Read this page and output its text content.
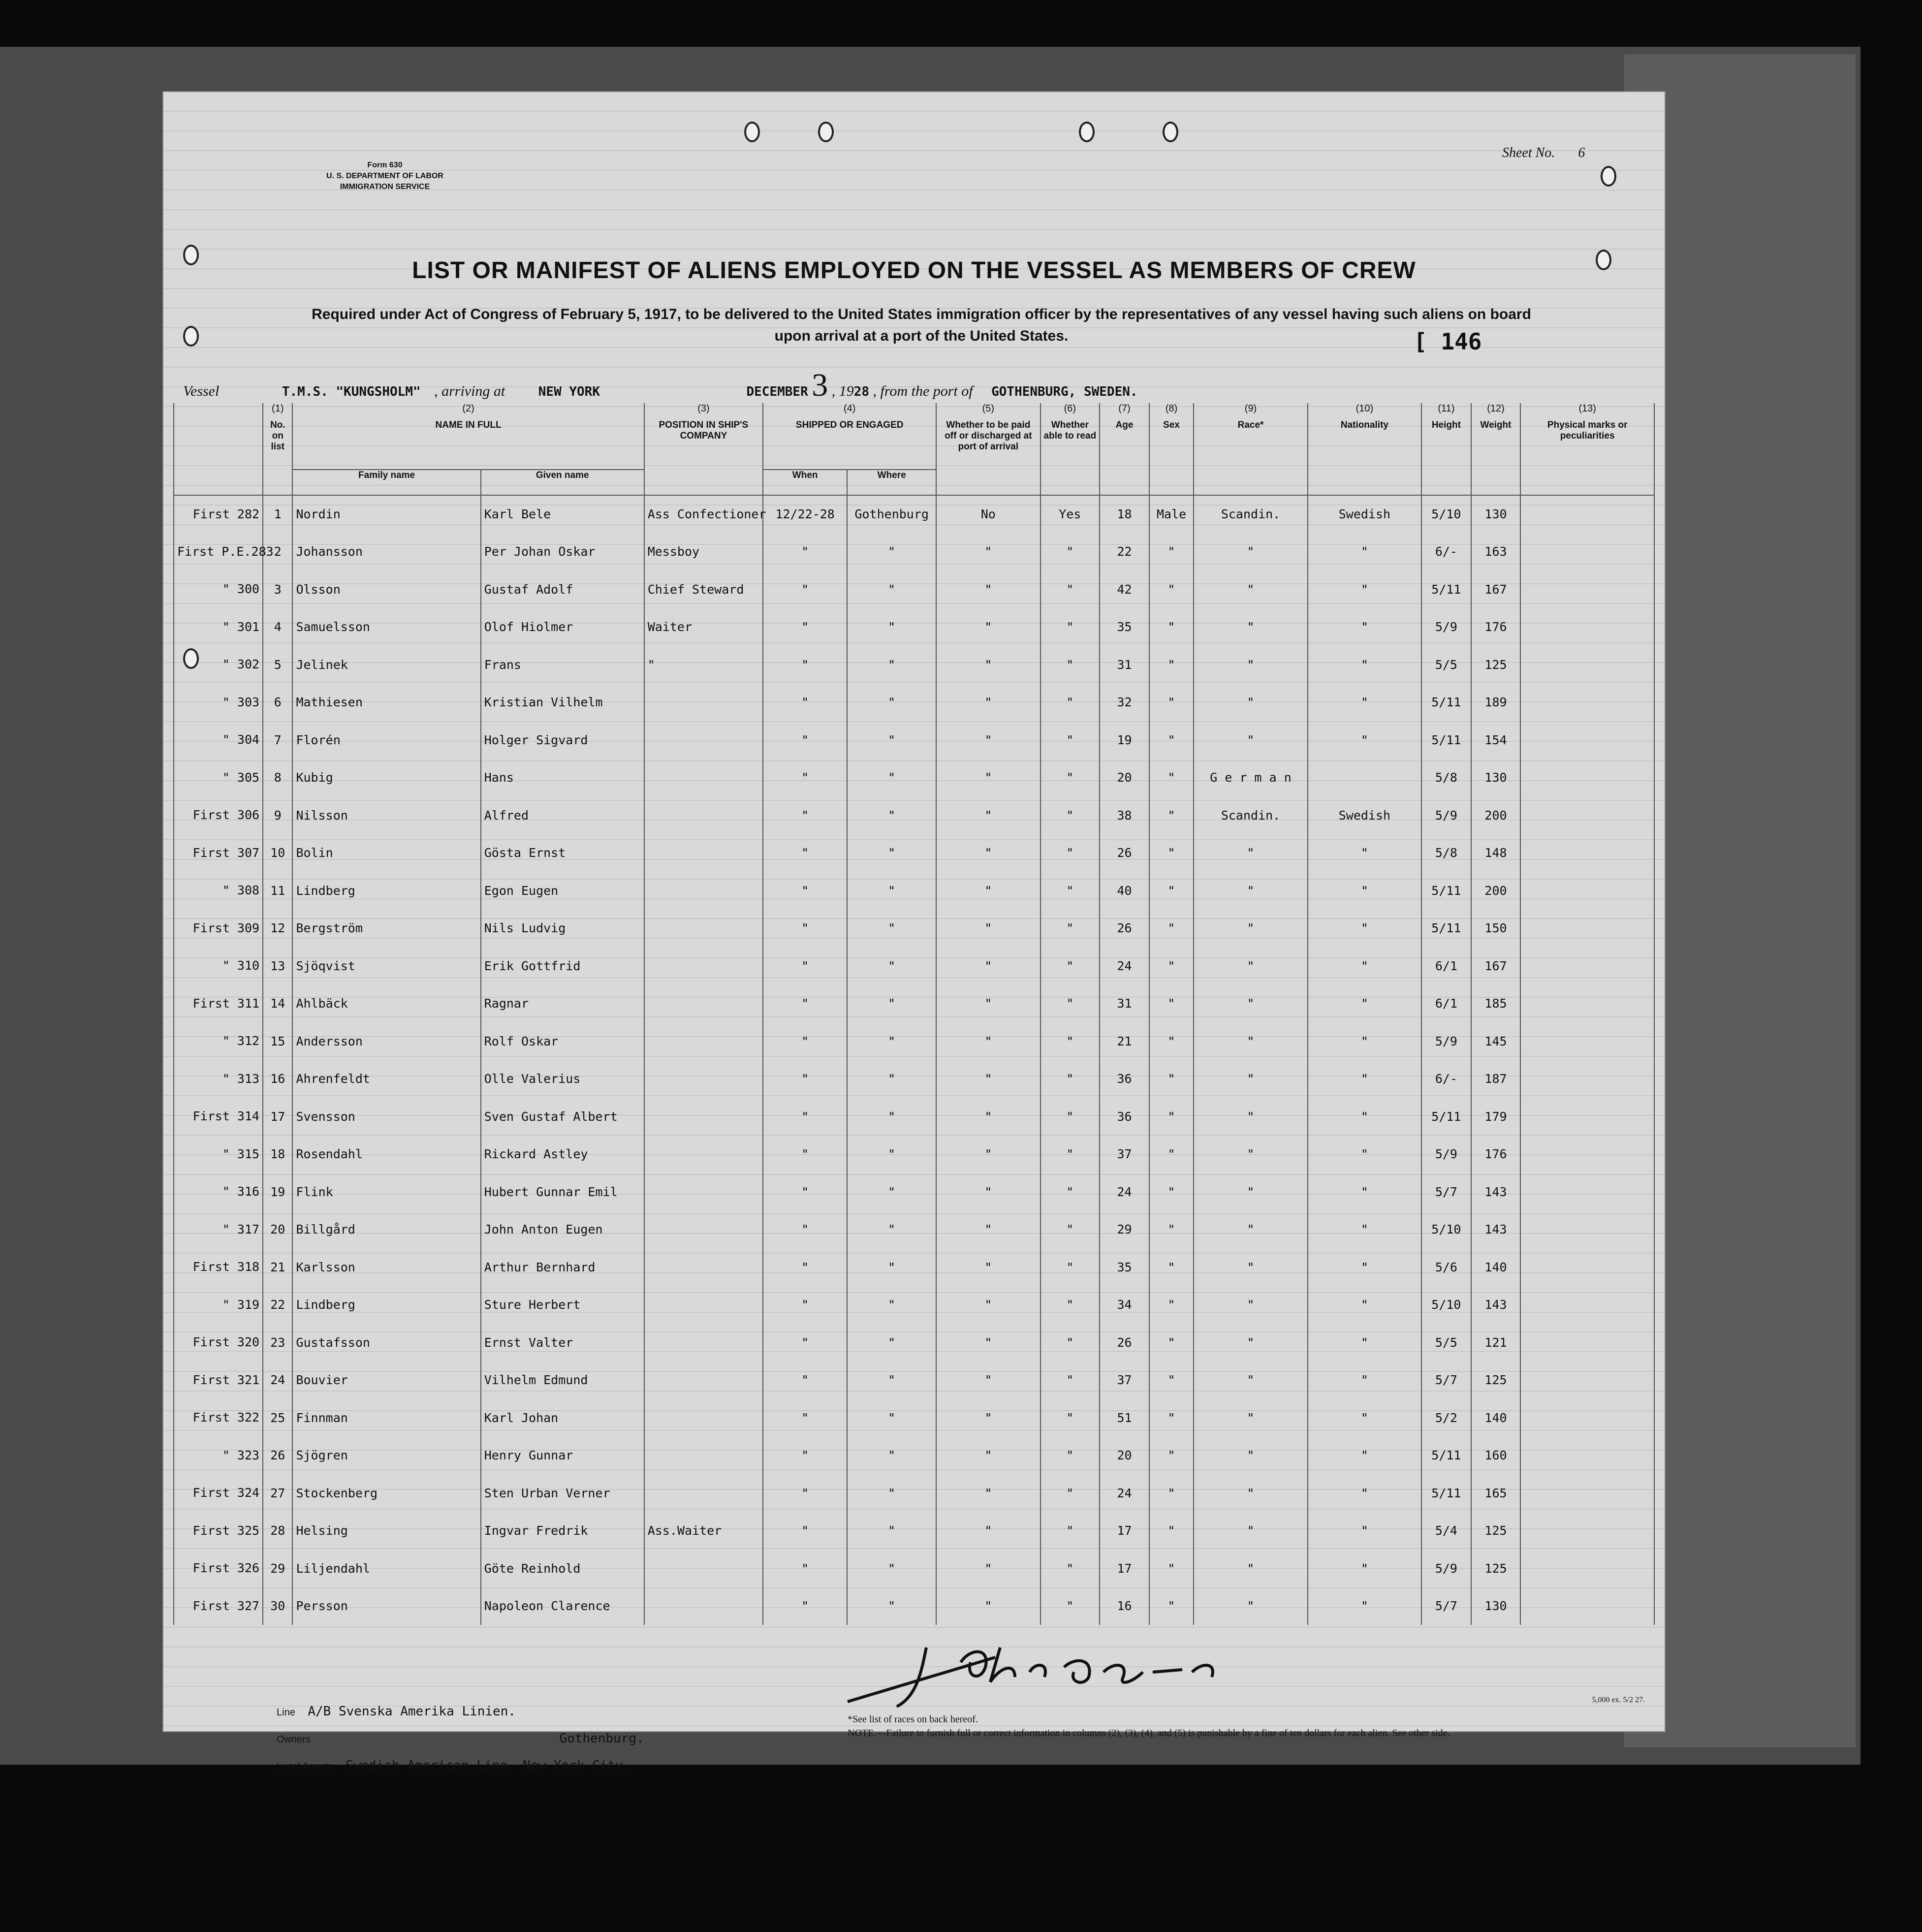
Form 630
U. S. DEPARTMENT OF LABOR
IMMIGRATION SERVICE
Sheet No. 6
LIST OR MANIFEST OF ALIENS EMPLOYED ON THE VESSEL AS MEMBERS OF CREW
Required under Act of Congress of February 5, 1917, to be delivered to the United States immigration officer by the representatives of any vessel having such aliens on board upon arrival at a port of the United States.	[ 146
Vessel	T.M.S. "KUNGSHOLM" , arriving at	NEW YORK	DECEMBER 3 , 1928 , from the port of GOTHENBURG, SWEDEN.
	(1)	(2)		(3)	(4)		(5)	(6)	(7)	(8)	(9)	(10)	(11)	(12)	(13)
	No. on list	NAME IN FULL		POSITION IN SHIP'S COMPANY	SHIPPED OR ENGAGED		Whether to be paid off or discharged at port of arrival	Whether able to read	Age	Sex	Race*	Nationality	Height	Weight	Physical marks or peculiarities
		Family name	Given name		When	Where									
First 282	1	Nordin	Karl Bele	Ass Confectioner	12/22-28	Gothenburg	No	Yes	18	Male	Scandin.	Swedish	5/10	130	
First P.E.283	2	Johansson	Per Johan Oskar	Messboy	"	"	"	"	22	"	"	"	6/-	163	
" 300	3	Olsson	Gustaf Adolf	Chief Steward	"	"	"	"	42	"	"	"	5/11	167	
" 301	4	Samuelsson	Olof Hiolmer	Waiter	"	"	"	"	35	"	"	"	5/9	176	
" 302	5	Jelinek	Frans	"	"	"	"	"	31	"	"	"	5/5	125	
" 303	6	Mathiesen	Kristian Vilhelm		"	"	"	"	32	"	"	"	5/11	189	
" 304	7	Florén	Holger Sigvard		"	"	"	"	19	"	"	"	5/11	154	
" 305	8	Kubig	Hans		"	"	"	"	20	"	G e r m a n		5/8	130	
First 306	9	Nilsson	Alfred		"	"	"	"	38	"	Scandin.	Swedish	5/9	200	
First 307	10	Bolin	Gösta Ernst		"	"	"	"	26	"	"	"	5/8	148	
" 308	11	Lindberg	Egon Eugen		"	"	"	"	40	"	"	"	5/11	200	
First 309	12	Bergström	Nils Ludvig		"	"	"	"	26	"	"	"	5/11	150	
" 310	13	Sjöqvist	Erik Gottfrid		"	"	"	"	24	"	"	"	6/1	167	
First 311	14	Ahlbäck	Ragnar		"	"	"	"	31	"	"	"	6/1	185	
" 312	15	Andersson	Rolf Oskar		"	"	"	"	21	"	"	"	5/9	145	
" 313	16	Ahrenfeldt	Olle Valerius		"	"	"	"	36	"	"	"	6/-	187	
First 314	17	Svensson	Sven Gustaf Albert		"	"	"	"	36	"	"	"	5/11	179	
" 315	18	Rosendahl	Rickard Astley		"	"	"	"	37	"	"	"	5/9	176	
" 316	19	Flink	Hubert Gunnar Emil		"	"	"	"	24	"	"	"	5/7	143	
" 317	20	Billgård	John Anton Eugen		"	"	"	"	29	"	"	"	5/10	143	
First 318	21	Karlsson	Arthur Bernhard		"	"	"	"	35	"	"	"	5/6	140	
" 319	22	Lindberg	Sture Herbert		"	"	"	"	34	"	"	"	5/10	143	
First 320	23	Gustafsson	Ernst Valter		"	"	"	"	26	"	"	"	5/5	121	
First 321	24	Bouvier	Vilhelm Edmund		"	"	"	"	37	"	"	"	5/7	125	
First 322	25	Finnman	Karl Johan		"	"	"	"	51	"	"	"	5/2	140	
" 323	26	Sjögren	Henry Gunnar		"	"	"	"	20	"	"	"	5/11	160	
First 324	27	Stockenberg	Sten Urban Verner		"	"	"	"	24	"	"	"	5/11	165	
First 325	28	Helsing	Ingvar Fredrik	Ass.Waiter	"	"	"	"	17	"	"	"	5/4	125	
First 326	29	Liljendahl	Göte Reinhold		"	"	"	"	17	"	"	"	5/9	125	
First 327	30	Persson	Napoleon Clarence		"	"	"	"	16	"	"	"	5/7	130	
Line A/B Svenska Amerika Linien.
Owners	Gothenburg.
Local Agents Swedish American Line. New York City.
*See list of races on back hereof.
NOTE.—Failure to furnish full or correct information in columns (2), (3), (4), and (5) is punishable by a fine of ten dollars for each alien. See other side.
5,000 ex. 5/2 27.
